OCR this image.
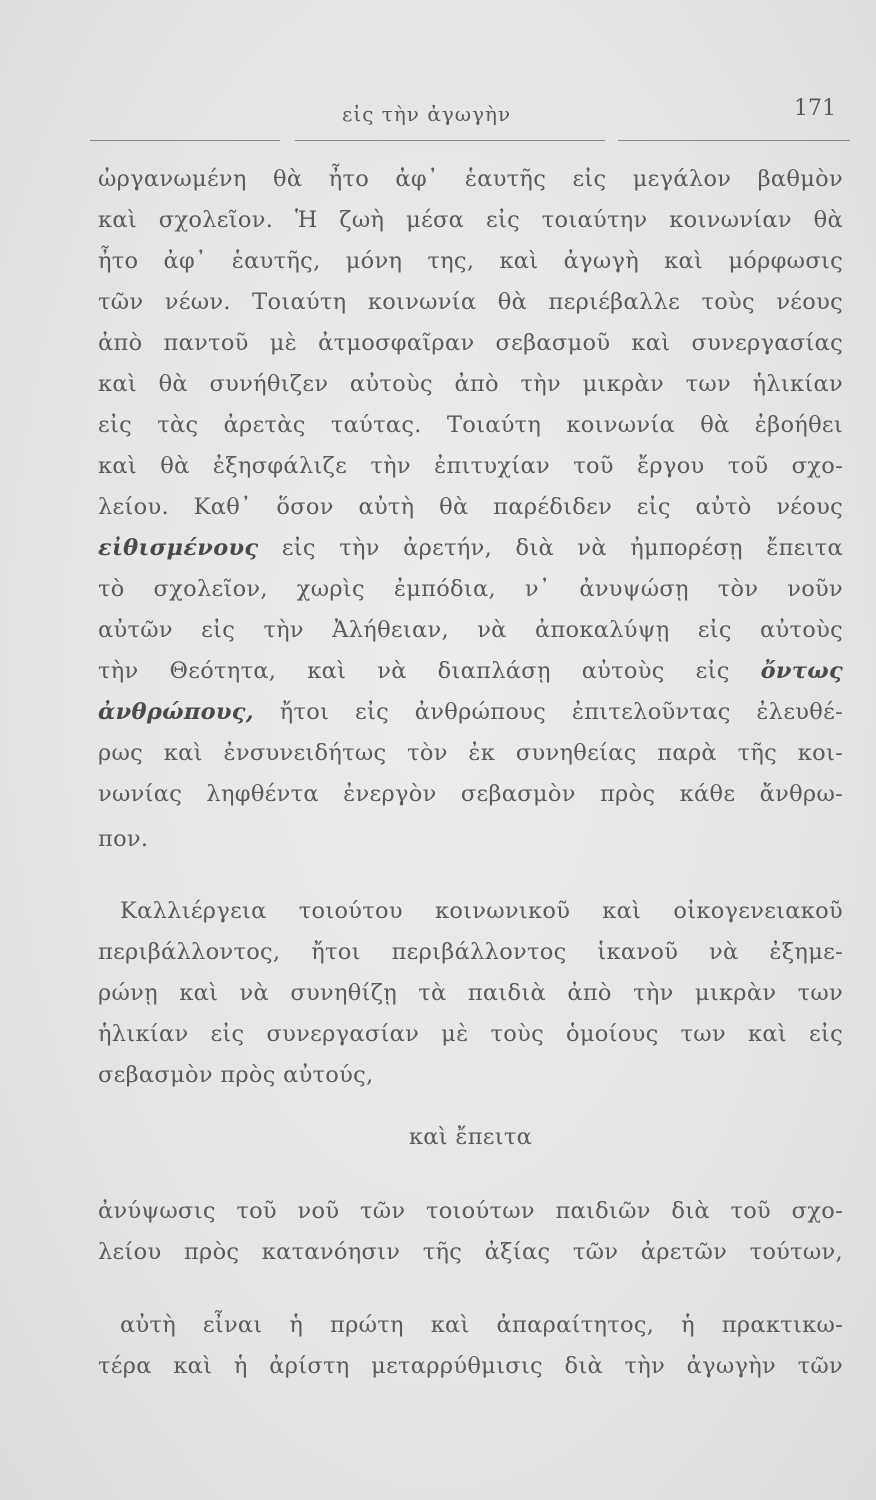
εἰς τὴν ἀγωγὴν	171
ὠργανωμένη θὰ ἦτο ἀφ᾽ ἑαυτῆς εἰς μεγάλον βαθμὸν
καὶ σχολεῖον. Ἡ ζωὴ μέσα εἰς τοιαύτην κοινωνίαν θὰ
ἦτο ἀφ᾽ ἑαυτῆς, μόνη της, καὶ ἀγωγὴ καὶ μόρφωσις
τῶν νέων. Τοιαύτη κοινωνία θὰ περιέβαλλε τοὺς νέους
ἀπὸ παντοῦ μὲ ἀτμοσφαῖραν σεβασμοῦ καὶ συνεργασίας
καὶ θὰ συνήθιζεν αὐτοὺς ἀπὸ τὴν μικρὰν των ἡλικίαν
εἰς τὰς ἀρετὰς ταύτας. Τοιαύτη κοινωνία θὰ ἐβοήθει
καὶ θὰ ἐξησφάλιζε τὴν ἐπιτυχίαν τοῦ ἔργου τοῦ σχο-
λείου. Καθ᾽ ὅσον αὐτὴ θὰ παρέδιδεν εἰς αὐτὸ νέους
εἰθισμένους εἰς τὴν ἀρετήν, διὰ νὰ ἠμπορέσῃ ἔπειτα
τὸ σχολεῖον, χωρὶς ἐμπόδια, ν᾽ ἀνυψώσῃ τὸν νοῦν
αὐτῶν εἰς τὴν Ἀλήθειαν, νὰ ἀποκαλύψῃ εἰς αὐτοὺς
τὴν Θεότητα, καὶ νὰ διαπλάσῃ αὐτοὺς εἰς ὄντως
ἀνθρώπους, ἤτοι εἰς ἀνθρώπους ἐπιτελοῦντας ἐλευθέ-
ρως καὶ ἐνσυνειδήτως τὸν ἐκ συνηθείας παρὰ τῆς κοι-
νωνίας ληφθέντα ἐνεργὸν σεβασμὸν πρὸς κάθε ἄνθρω-
πον.
Καλλιέργεια τοιούτου κοινωνικοῦ καὶ οἰκογενειακοῦ
περιβάλλοντος, ἤτοι περιβάλλοντος ἱκανοῦ νὰ ἐξημε-
ρώνῃ καὶ νὰ συνηθίζῃ τὰ παιδιὰ ἀπὸ τὴν μικρὰν των
ἡλικίαν εἰς συνεργασίαν μὲ τοὺς ὁμοίους των καὶ εἰς
σεβασμὸν πρὸς αὐτούς,
καὶ ἔπειτα
ἀνύψωσις τοῦ νοῦ τῶν τοιούτων παιδιῶν διὰ τοῦ σχο-
λείου πρὸς κατανόησιν τῆς ἀξίας τῶν ἀρετῶν τούτων,
αὐτὴ εἶναι ἡ πρώτη καὶ ἀπαραίτητος, ἡ πρακτικω-
τέρα καὶ ἡ ἀρίστη μεταρρύθμισις διὰ τὴν ἀγωγὴν τῶν
